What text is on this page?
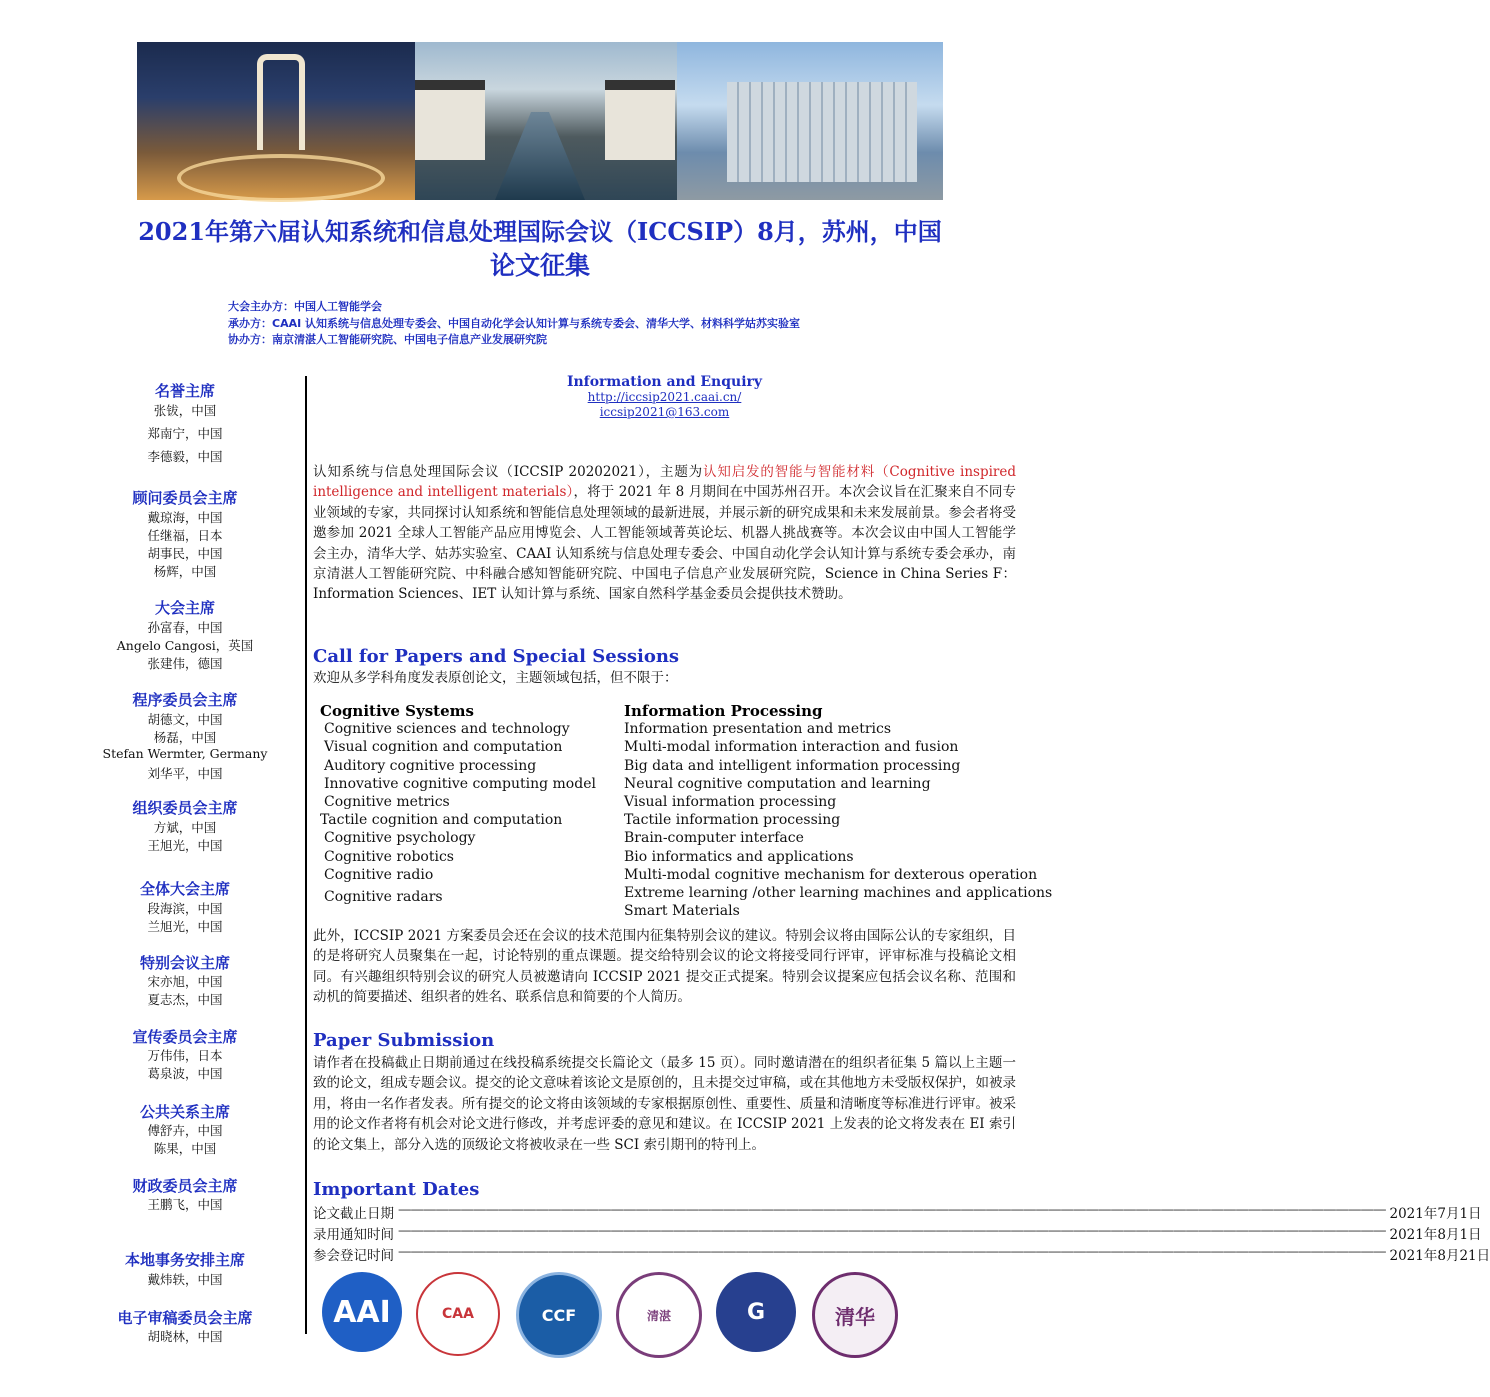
2021年第六届认知系统和信息处理国际会议（ICCSIP）8月，苏州，中国
论文征集
大会主办方：中国人工智能学会
承办方：CAAI 认知系统与信息处理专委会、中国自动化学会认知计算与系统专委会、清华大学、材料科学姑苏实验室
协办方：南京清湛人工智能研究院、中国电子信息产业发展研究院
名誉主席
张钹，中国
郑南宁，中国
李德毅，中国
顾问委员会主席
戴琼海，中国
任继福，日本
胡事民，中国
杨辉，中国
大会主席
孙富春，中国
Angelo Cangosi，英国
张建伟，德国
程序委员会主席
胡德文，中国
杨磊，中国
Stefan Wermter, Germany
刘华平，中国
组织委员会主席
方斌，中国
王旭光，中国
全体大会主席
段海滨，中国
兰旭光，中国
特别会议主席
宋亦旭，中国
夏志杰，中国
宣传委员会主席
万伟伟，日本
葛泉波，中国
公共关系主席
傅舒卉，中国
陈果，中国
财政委员会主席
王鹏飞，中国
本地事务安排主席
戴炜轶，中国
电子审稿委员会主席
胡晓林，中国
Information and Enquiry
http://iccsip2021.caai.cn/
iccsip2021@163.com
认知系统与信息处理国际会议（ICCSIP 20202021），主题为认知启发的智能与智能材料（Cognitive inspired intelligence and intelligent materials），将于 2021 年 8 月期间在中国苏州召开。本次会议旨在汇聚来自不同专业领域的专家，共同探讨认知系统和智能信息处理领域的最新进展，并展示新的研究成果和未来发展前景。参会者将受邀参加 2021 全球人工智能产品应用博览会、人工智能领域菁英论坛、机器人挑战赛等。本次会议由中国人工智能学会主办，清华大学、姑苏实验室、CAAI 认知系统与信息处理专委会、中国自动化学会认知计算与系统专委会承办，南京清湛人工智能研究院、中科融合感知智能研究院、中国电子信息产业发展研究院，Science in China Series F：Information Sciences、IET 认知计算与系统、国家自然科学基金委员会提供技术赞助。
Call for Papers and Special Sessions
欢迎从多学科角度发表原创论文，主题领域包括，但不限于：
Cognitive Systems
Cognitive sciences and technology
Visual cognition and computation
Auditory cognitive processing
Innovative cognitive computing model
Cognitive metrics
Tactile cognition and computation
Cognitive psychology
Cognitive robotics
Cognitive radio
Cognitive radars
Information Processing
Information presentation and metrics
Multi-modal information interaction and fusion
Big data and intelligent information processing
Neural cognitive computation and learning
Visual information processing
Tactile information processing
Brain-computer interface
Bio informatics and applications
Multi-modal cognitive mechanism for dexterous operation
Extreme learning /other learning machines and applications
Smart Materials
此外，ICCSIP 2021 方案委员会还在会议的技术范围内征集特别会议的建议。特别会议将由国际公认的专家组织，目的是将研究人员聚集在一起，讨论特别的重点课题。提交给特别会议的论文将接受同行评审，评审标准与投稿论文相同。有兴趣组织特别会议的研究人员被邀请向 ICCSIP 2021 提交正式提案。特别会议提案应包括会议名称、范围和动机的简要描述、组织者的姓名、联系信息和简要的个人简历。
Paper Submission
请作者在投稿截止日期前通过在线投稿系统提交长篇论文（最多 15 页）。同时邀请潜在的组织者征集 5 篇以上主题一致的论文，组成专题会议。提交的论文意味着该论文是原创的，且未提交过审稿，或在其他地方未受版权保护，如被录用，将由一名作者发表。所有提交的论文将由该领域的专家根据原创性、重要性、质量和清晰度等标准进行评审。被采用的论文作者将有机会对论文进行修改，并考虑评委的意见和建议。在 ICCSIP 2021 上发表的论文将发表在 EI 索引的论文集上，部分入选的顶级论文将被收录在一些 SCI 索引期刊的特刊上。
Important Dates
论文截止日期 ——————————————————————————————————————————————————————————————————————————————— 2021年7月1日
录用通知时间 ——————————————————————————————————————————————————————————————————————————————— 2021年8月1日
参会登记时间 ——————————————————————————————————————————————————————————————————————————————— 2021年8月21日
AAI	CAA	CCF	清湛	G	清华
